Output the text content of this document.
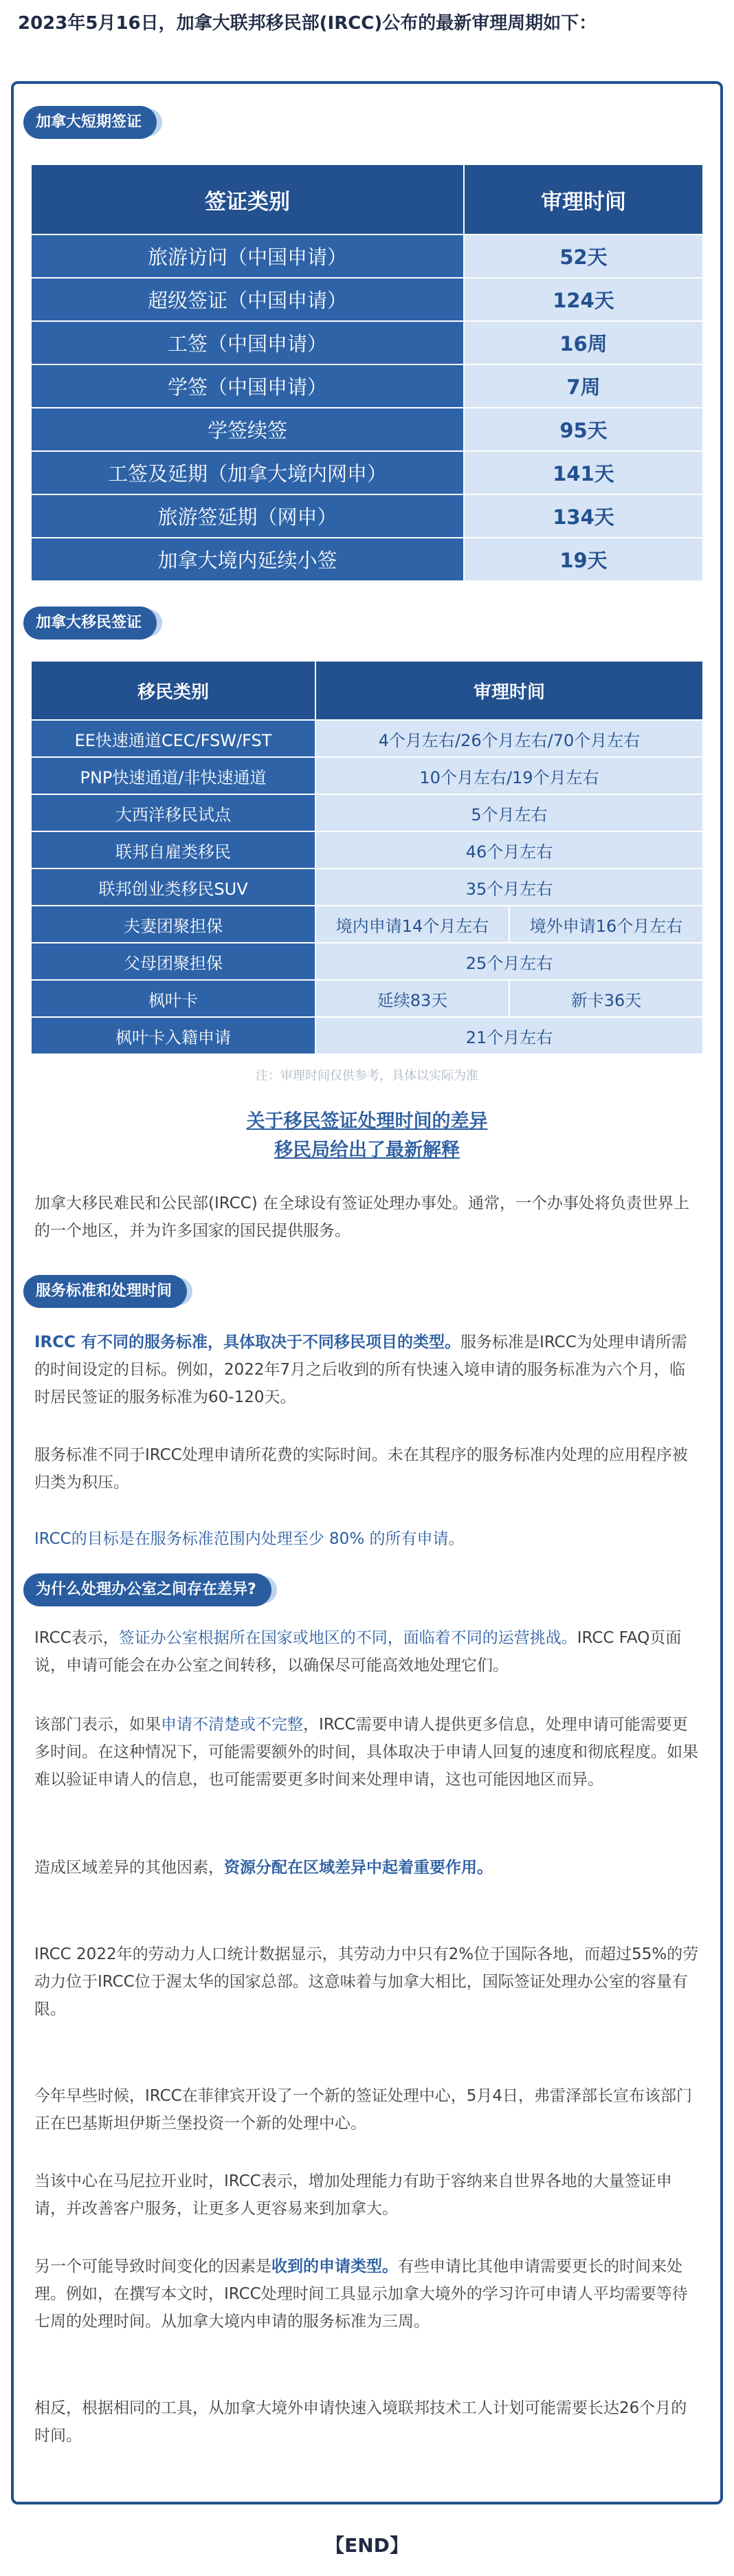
2023年5月16日，加拿大联邦移民部(IRCC)公布的最新审理周期如下：
加拿大短期签证
签证类别	审理时间
旅游访问（中国申请）	52天
超级签证（中国申请）	124天
工签（中国申请）	16周
学签（中国申请）	7周
学签续签	95天
工签及延期（加拿大境内网申）	141天
旅游签延期（网申）	134天
加拿大境内延续小签	19天
加拿大移民签证
移民类别	审理时间	
EE快速通道CEC/FSW/FST	4个月左右/26个月左右/70个月左右	
PNP快速通道/非快速通道	10个月左右/19个月左右	
大西洋移民试点	5个月左右	
联邦自雇类移民	46个月左右	
联邦创业类移民SUV	35个月左右	
夫妻团聚担保	境内申请14个月左右	境外申请16个月左右
父母团聚担保	25个月左右	
枫叶卡	延续83天	新卡36天
枫叶卡入籍申请	21个月左右	
注：审理时间仅供参考，具体以实际为准
关于移民签证处理时间的差异
移民局给出了最新解释
加拿大移民难民和公民部(IRCC) 在全球设有签证处理办事处。通常，一个办事处将负责世界上的一个地区，并为许多国家的国民提供服务。
服务标准和处理时间
IRCC 有不同的服务标准，具体取决于不同移民项目的类型。服务标准是IRCC为处理申请所需的时间设定的目标。例如，2022年7月之后收到的所有快速入境申请的服务标准为六个月，临时居民签证的服务标准为60-120天。
服务标准不同于IRCC处理申请所花费的实际时间。未在其程序的服务标准内处理的应用程序被归类为积压。
IRCC的目标是在服务标准范围内处理至少 80% 的所有申请。
为什么处理办公室之间存在差异?
IRCC表示，签证办公室根据所在国家或地区的不同，面临着不同的运营挑战。IRCC FAQ页面说，申请可能会在办公室之间转移，以确保尽可能高效地处理它们。
该部门表示，如果申请不清楚或不完整，IRCC需要申请人提供更多信息，处理申请可能需要更多时间。在这种情况下，可能需要额外的时间，具体取决于申请人回复的速度和彻底程度。如果难以验证申请人的信息，也可能需要更多时间来处理申请，这也可能因地区而异。
造成区域差异的其他因素，资源分配在区域差异中起着重要作用。
IRCC 2022年的劳动力人口统计数据显示，其劳动力中只有2%位于国际各地，而超过55%的劳动力位于IRCC位于渥太华的国家总部。这意味着与加拿大相比，国际签证处理办公室的容量有限。
今年早些时候，IRCC在菲律宾开设了一个新的签证处理中心，5月4日，弗雷泽部长宣布该部门正在巴基斯坦伊斯兰堡投资一个新的处理中心。
当该中心在马尼拉开业时，IRCC表示，增加处理能力有助于容纳来自世界各地的大量签证申请，并改善客户服务，让更多人更容易来到加拿大。
另一个可能导致时间变化的因素是收到的申请类型。有些申请比其他申请需要更长的时间来处理。例如，在撰写本文时，IRCC处理时间工具显示加拿大境外的学习许可申请人平均需要等待七周的处理时间。从加拿大境内申请的服务标准为三周。
相反，根据相同的工具，从加拿大境外申请快速入境联邦技术工人计划可能需要长达26个月的时间。
【END】
